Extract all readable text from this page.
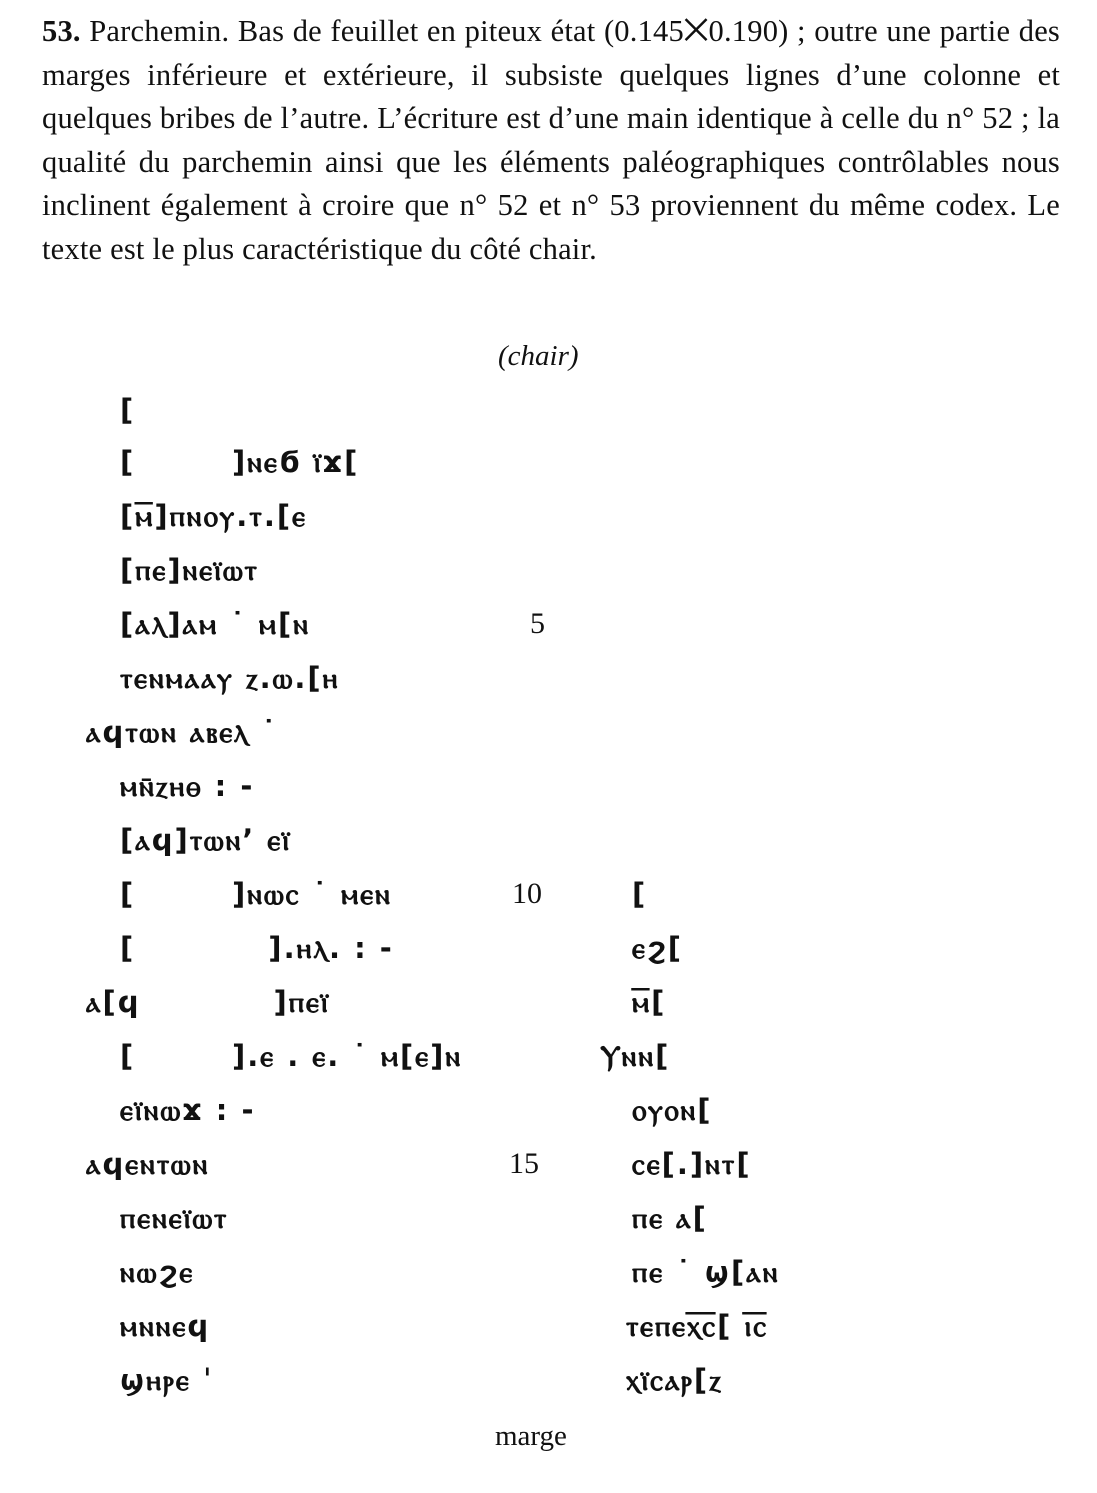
53. Parchemin. Bas de feuillet en piteux état (0.145⨉0.190) ; outre une partie des marges inférieure et extérieure, il subsiste quelques lignes d’une colonne et quelques bribes de l’autre. L’écriture est d’une main identique à celle du n° 52 ; la qualité du parchemin ainsi que les éléments paléographiques contrôlables nous inclinent également à croire que n° 52 et n° 53 proviennent du même codex. Le texte est le plus caractéristique du côté chair.
(chair)
[
[        ]ⲛⲉϭ ⲓ̈ϫ[
[ⲙ̅]ⲡⲛⲟⲩ.ⲧ.[ⲉ
[ⲡⲉ]ⲛⲉⲓ̈ⲱⲧ
[ⲁⲗ]ⲁⲙ ˙ ⲙ[ⲛ
ⲧⲉⲛⲙⲁⲁⲩ ⲍ.ⲱ.[ⲏ
ⲁϥⲧⲱⲛ ⲁⲃⲉⲗ ˙
ⲙⲛ̄ⲍⲏⲑ : -
[ⲁϥ]ⲧⲱⲛ’ ⲉⲓ̈
[        ]ⲛⲱⲥ ˙ ⲙⲉⲛ
[           ].ⲏⲗ. : -
ⲁ[ϥ           ]ⲡⲉⲓ̈
[        ].ⲉ . ⲉ. ˙ ⲙ[ⲉ]ⲛ
ⲉⲓ̈ⲛⲱϫ : -
ⲁϥⲉⲛⲧⲱⲛ
ⲡⲉⲛⲉⲓ̈ⲱⲧ
ⲛⲱϩⲉ
ⲙⲛⲛⲉϥ
ϣⲏⲣⲉ ˈ
5
10
15
[
ⲉϩ[
ⲙ̅[
Ⲩⲛⲛ[
ⲟⲩⲟⲛ[
ⲥⲉ[.]ⲛⲧ[
ⲡⲉ ⲁ[
ⲡⲉ ˙ ϣ[ⲁⲛ
ⲧⲉⲡⲉⲭ̅ⲥ̅[ ⲓ̅ⲥ̅
ⲭⲓ̈ⲥⲁⲣ[ⲍ
marge
